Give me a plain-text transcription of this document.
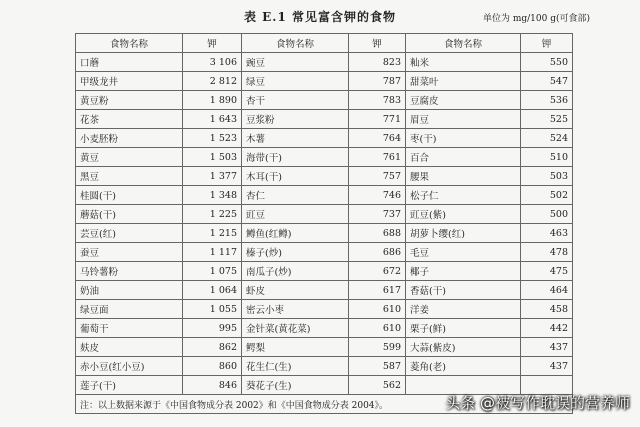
表 E.1 常见富含钾的食物	单位为 mg/100 g(可食部)
食物名称	钾	食物名称	钾	食物名称	钾
口蘑	3 106	豌豆	823	籼米	550
甲级龙井	2 812	绿豆	787	甜菜叶	547
黄豆粉	1 890	杏干	783	豆腐皮	536
花茶	1 643	豆浆粉	771	眉豆	525
小麦胚粉	1 523	木薯	764	枣(干)	524
黄豆	1 503	海带(干)	761	百合	510
黑豆	1 377	木耳(干)	757	腰果	503
桂圆(干)	1 348	杏仁	746	松子仁	502
蘑菇(干)	1 225	豇豆	737	豇豆(紫)	500
芸豆(红)	1 215	鳟鱼(红鳟)	688	胡萝卜缨(红)	463
蚕豆	1 117	榛子(炒)	686	毛豆	478
马铃薯粉	1 075	南瓜子(炒)	672	椰子	475
奶油	1 064	虾皮	617	香菇(干)	464
绿豆面	1 055	密云小枣	610	洋姜	458
葡萄干	995	金针菜(黄花菜)	610	栗子(鲜)	442
麸皮	862	鳄梨	599	大蒜(紫皮)	437
赤小豆(红小豆)	860	花生仁(生)	587	菱角(老)	437
莲子(干)	846	葵花子(生)	562		
注：以上数据来源于《中国食物成分表 2002》和《中国食物成分表 2004》。						头条 @被写作耽误的营养师
